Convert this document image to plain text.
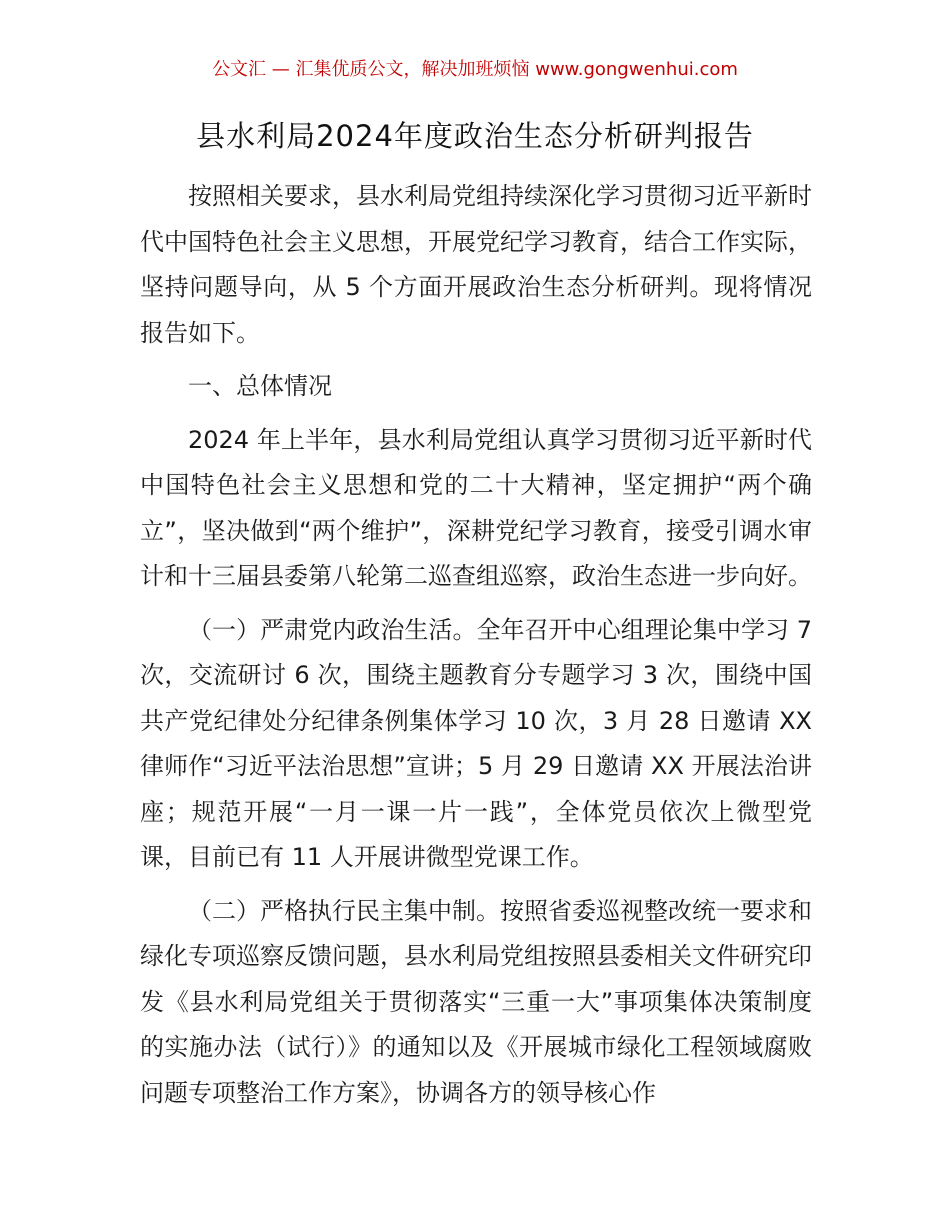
公文汇 — 汇集优质公文，解决加班烦恼 www.gongwenhui.com
县水利局2024年度政治生态分析研判报告

按照相关要求，县水利局党组持续深化学习贯彻习近平新时代中国特色社会主义思想，开展党纪学习教育，结合工作实际，坚持问题导向，从 5 个方面开展政治生态分析研判。现将情况报告如下。

一、总体情况

2024 年上半年，县水利局党组认真学习贯彻习近平新时代中国特色社会主义思想和党的二十大精神，坚定拥护“两个确立”，坚决做到“两个维护”，深耕党纪学习教育，接受引调水审计和十三届县委第八轮第二巡查组巡察，政治生态进一步向好。

（一）严肃党内政治生活。全年召开中心组理论集中学习 7 次，交流研讨 6 次，围绕主题教育分专题学习 3 次，围绕中国共产党纪律处分纪律条例集体学习 10 次，3 月 28 日邀请 XX 律师作“习近平法治思想”宣讲；5 月 29 日邀请 XX 开展法治讲座；规范开展“一月一课一片一践”，全体党员依次上微型党课，目前已有 11 人开展讲微型党课工作。

（二）严格执行民主集中制。按照省委巡视整改统一要求和绿化专项巡察反馈问题，县水利局党组按照县委相关文件研究印发《县水利局党组关于贯彻落实“三重一大”事项集体决策制度的实施办法（试行）》的通知以及《开展城市绿化工程领域腐败问题专项整治工作方案》，协调各方的领导核心作
